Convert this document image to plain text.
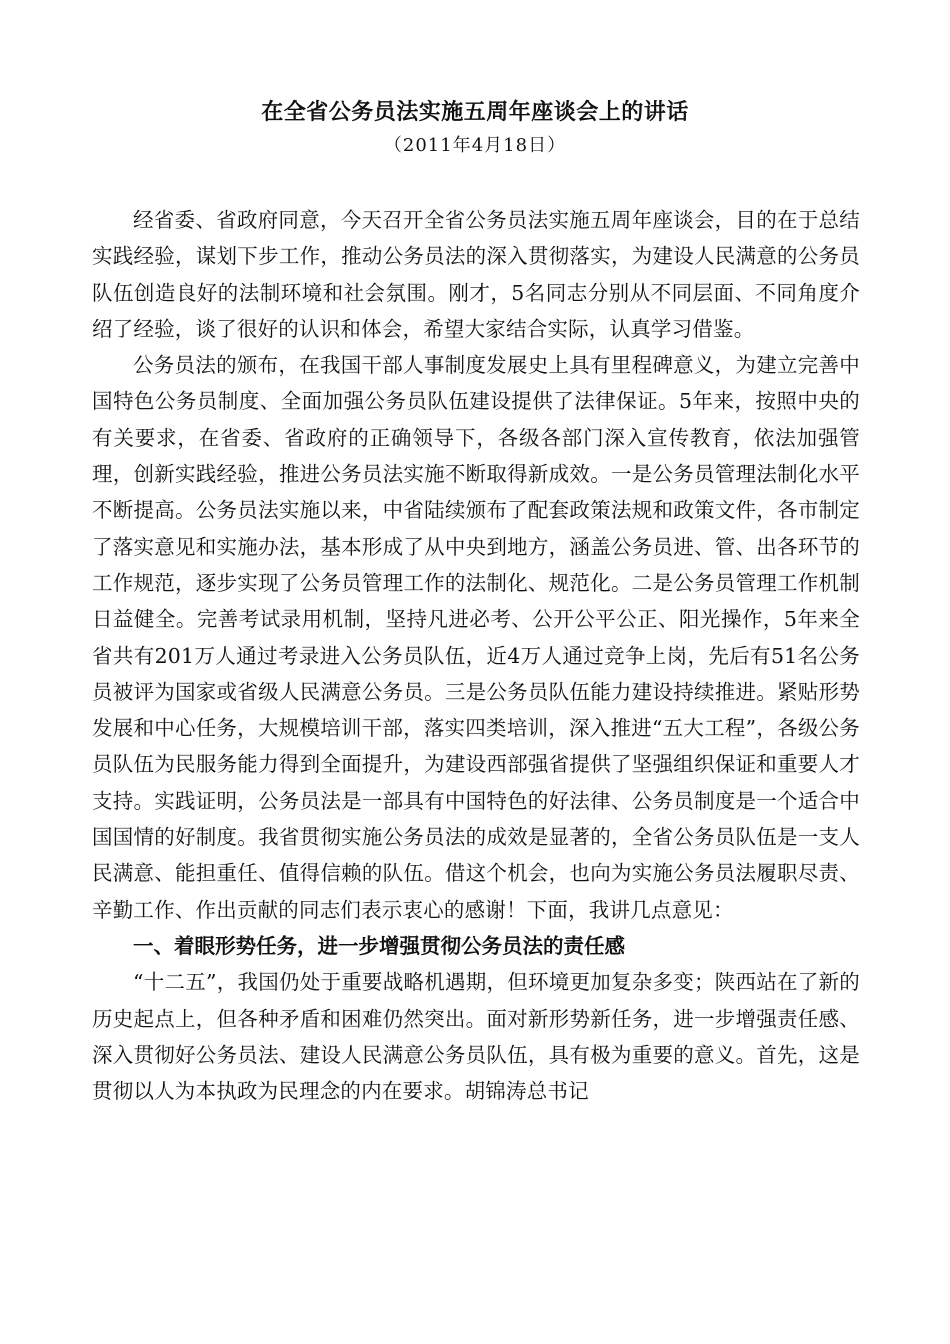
在全省公务员法实施五周年座谈会上的讲话
（2011年4月18日）

经省委、省政府同意，今天召开全省公务员法实施五周年座谈会，目的在于总结实践经验，谋划下步工作，推动公务员法的深入贯彻落实，为建设人民满意的公务员队伍创造良好的法制环境和社会氛围。刚才，5名同志分别从不同层面、不同角度介绍了经验，谈了很好的认识和体会，希望大家结合实际，认真学习借鉴。

公务员法的颁布，在我国干部人事制度发展史上具有里程碑意义，为建立完善中国特色公务员制度、全面加强公务员队伍建设提供了法律保证。5年来，按照中央的有关要求，在省委、省政府的正确领导下，各级各部门深入宣传教育，依法加强管理，创新实践经验，推进公务员法实施不断取得新成效。一是公务员管理法制化水平不断提高。公务员法实施以来，中省陆续颁布了配套政策法规和政策文件，各市制定了落实意见和实施办法，基本形成了从中央到地方，涵盖公务员进、管、出各环节的工作规范，逐步实现了公务员管理工作的法制化、规范化。二是公务员管理工作机制日益健全。完善考试录用机制，坚持凡进必考、公开公平公正、阳光操作，5年来全省共有201万人通过考录进入公务员队伍，近4万人通过竞争上岗，先后有51名公务员被评为国家或省级人民满意公务员。三是公务员队伍能力建设持续推进。紧贴形势发展和中心任务，大规模培训干部，落实四类培训，深入推进“五大工程”，各级公务员队伍为民服务能力得到全面提升，为建设西部强省提供了坚强组织保证和重要人才支持。实践证明，公务员法是一部具有中国特色的好法律、公务员制度是一个适合中国国情的好制度。我省贯彻实施公务员法的成效是显著的，全省公务员队伍是一支人民满意、能担重任、值得信赖的队伍。借这个机会，也向为实施公务员法履职尽责、辛勤工作、作出贡献的同志们表示衷心的感谢！下面，我讲几点意见：

一、着眼形势任务，进一步增强贯彻公务员法的责任感

“十二五”，我国仍处于重要战略机遇期，但环境更加复杂多变；陕西站在了新的历史起点上，但各种矛盾和困难仍然突出。面对新形势新任务，进一步增强责任感、深入贯彻好公务员法、建设人民满意公务员队伍，具有极为重要的意义。首先，这是贯彻以人为本执政为民理念的内在要求。胡锦涛总书记
